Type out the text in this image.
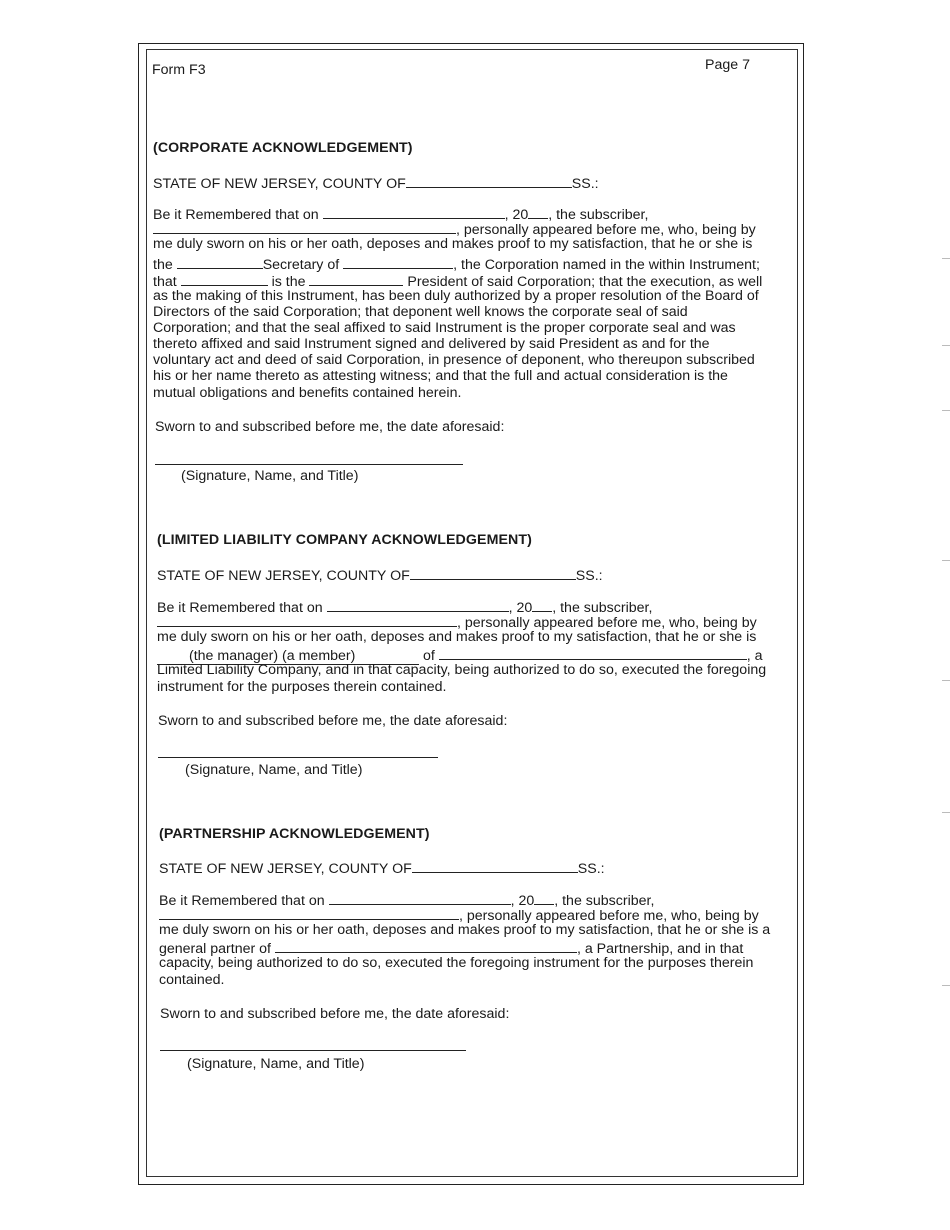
Form F3	Page 7
(CORPORATE ACKNOWLEDGEMENT)
STATE OF NEW JERSEY, COUNTY OF	SS.:
Be it Remembered that on	, 20 , the subscriber,
, personally appeared before me, who, being by
me duly sworn on his or her oath, deposes and makes proof to my satisfaction, that he or she is
the	Secretary of	, the Corporation named in the within Instrument;
that	is the	President of said Corporation; that the execution, as well
as the making of this Instrument, has been duly authorized by a proper resolution of the Board of
Directors of the said Corporation; that deponent well knows the corporate seal of said
Corporation; and that the seal affixed to said Instrument is the proper corporate seal and was
thereto affixed and said Instrument signed and delivered by said President as and for the
voluntary act and deed of said Corporation, in presence of deponent, who thereupon subscribed
his or her name thereto as attesting witness; and that the full and actual consideration is the
mutual obligations and benefits contained herein.
Sworn to and subscribed before me, the date aforesaid:
(Signature, Name, and Title)
(LIMITED LIABILITY COMPANY ACKNOWLEDGEMENT)
STATE OF NEW JERSEY, COUNTY OF	SS.:
Be it Remembered that on	, 20 , the subscriber,
, personally appeared before me, who, being by
me duly sworn on his or her oath, deposes and makes proof to my satisfaction, that he or she is
(the manager) (a member)	of	, a
Limited Liability Company, and in that capacity, being authorized to do so, executed the foregoing
instrument for the purposes therein contained.
Sworn to and subscribed before me, the date aforesaid:
(Signature, Name, and Title)
(PARTNERSHIP ACKNOWLEDGEMENT)
STATE OF NEW JERSEY, COUNTY OF	SS.:
Be it Remembered that on	, 20 , the subscriber,
, personally appeared before me, who, being by
me duly sworn on his or her oath, deposes and makes proof to my satisfaction, that he or she is a
general partner of	, a Partnership, and in that
capacity, being authorized to do so, executed the foregoing instrument for the purposes therein
contained.
Sworn to and subscribed before me, the date aforesaid:
(Signature, Name, and Title)
